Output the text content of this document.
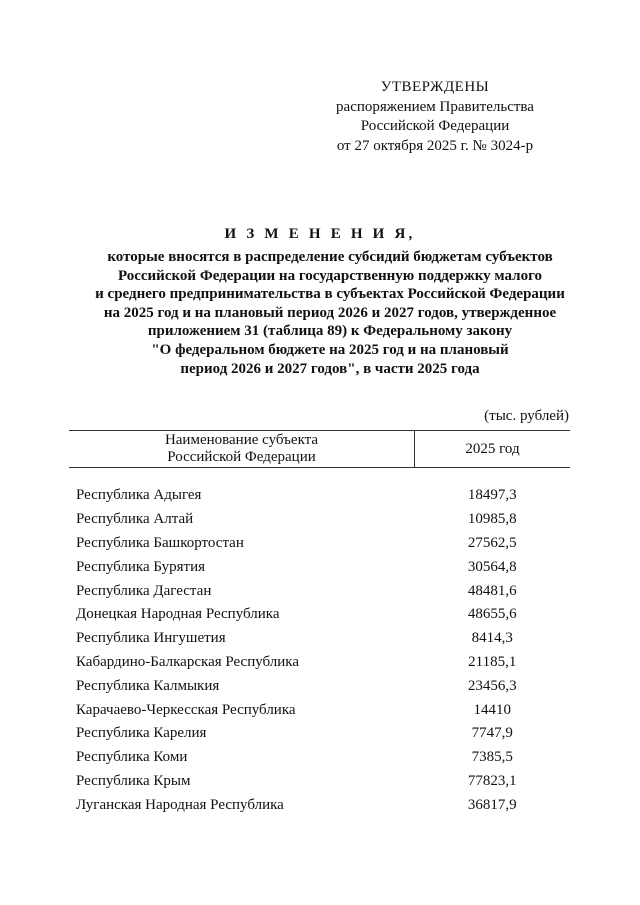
УТВЕРЖДЕНЫ
распоряжением Правительства
Российской Федерации
от 27 октября 2025 г. № 3024-р
И З М Е Н Е Н И Я,
которые вносятся в распределение субсидий бюджетам субъектов
Российской Федерации на государственную поддержку малого
и среднего предпринимательства в субъектах Российской Федерации
на 2025 год и на плановый период 2026 и 2027 годов, утвержденное
приложением 31 (таблица 89) к Федеральному закону
"О федеральном бюджете на 2025 год и на плановый
период 2026 и 2027 годов", в части 2025 года
(тыс. рублей)
Наименование субъекта
Российской Федерации	2025 год

Республика Адыгея	18497,3
Республика Алтай	10985,8
Республика Башкортостан	27562,5
Республика Бурятия	30564,8
Республика Дагестан	48481,6
Донецкая Народная Республика	48655,6
Республика Ингушетия	8414,3
Кабардино-Балкарская Республика	21185,1
Республика Калмыкия	23456,3
Карачаево-Черкесская Республика	14410
Республика Карелия	7747,9
Республика Коми	7385,5
Республика Крым	77823,1
Луганская Народная Республика	36817,9
